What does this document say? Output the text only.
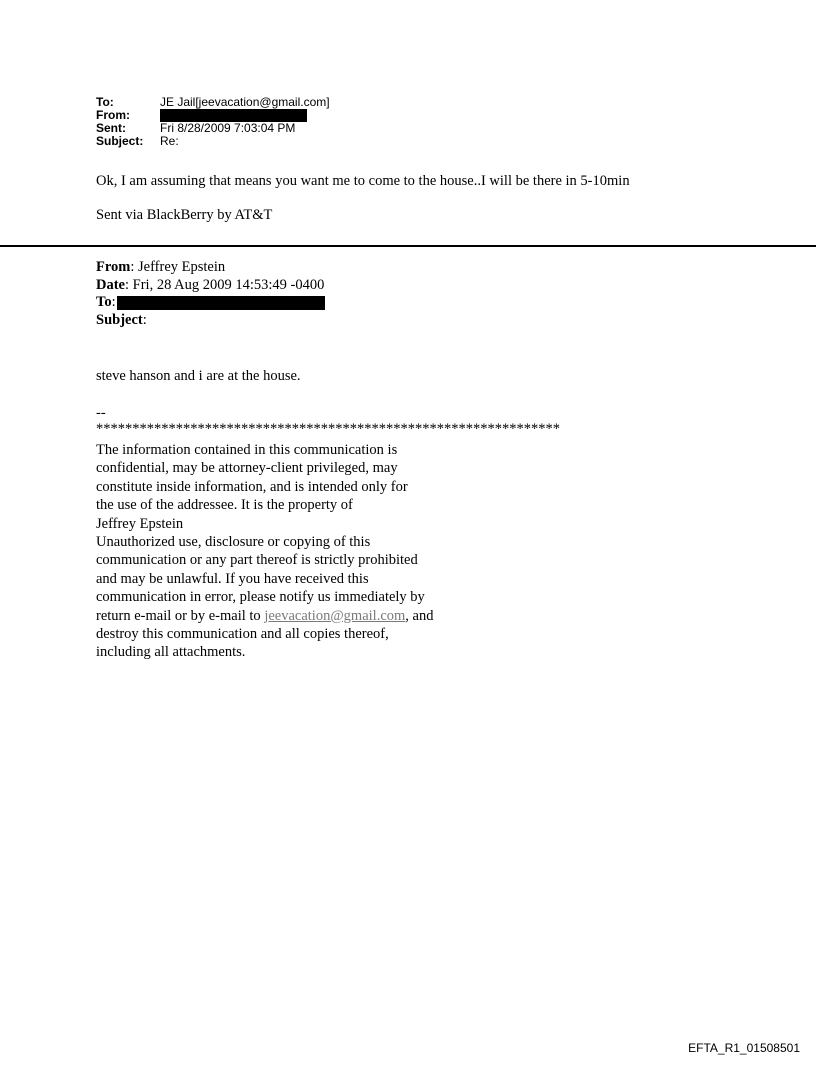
To:	JE Jail[jeevacation@gmail.com]
From:
Sent:	Fri 8/28/2009 7:03:04 PM
Subject:	Re:
Ok, I am assuming that means you want me to come to the house..I will be there in 5-10min
Sent via BlackBerry by AT&T
From : Jeffrey Epstein
Date : Fri, 28 Aug 2009 14:53:49 -0400
To :
Subject :
steve hanson and i are at the house.
--
****************************************************************
The information contained in this communication is
confidential, may be attorney-client privileged, may
constitute inside information, and is intended only for
the use of the addressee. It is the property of
Jeffrey Epstein
Unauthorized use, disclosure or copying of this
communication or any part thereof is strictly prohibited
and may be unlawful. If you have received this
communication in error, please notify us immediately by
return e-mail or by e-mail to jeevacation@gmail.com, and
destroy this communication and all copies thereof,
including all attachments.
EFTA_R1_01508501
